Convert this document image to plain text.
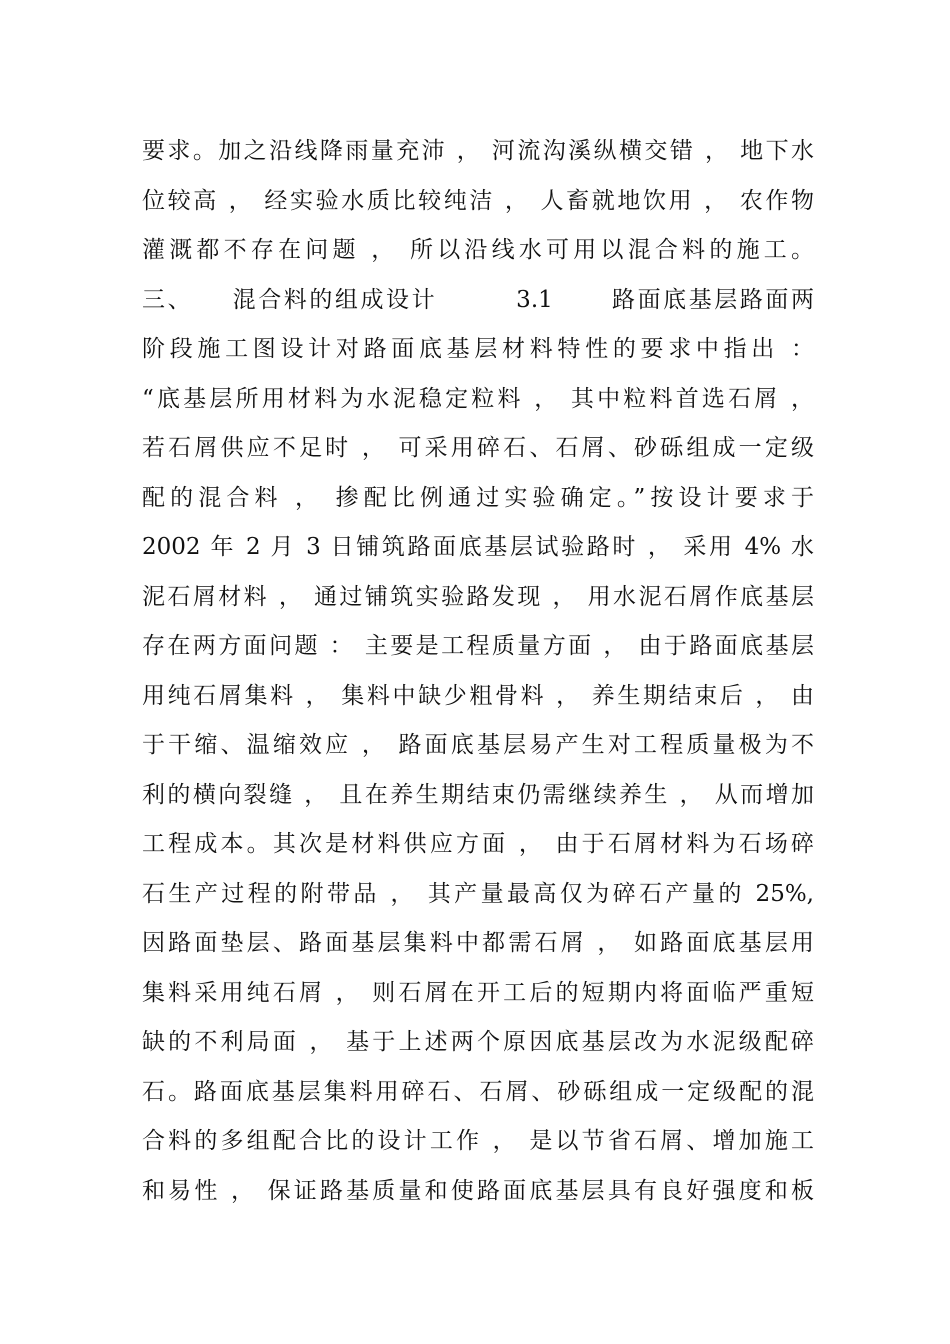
要求。加之沿线降雨量充沛 ， 河流沟溪纵横交错 ， 地下水
位较高 ， 经实验水质比较纯洁 ， 人畜就地饮用 ， 农作物
灌溉都不存在问题 ， 所以沿线水可用以混合料的施工。
三、    混合料的组成设计        3.1      路面底基层路面两
阶段施工图设计对路面底基层材料特性的要求中指出 ：
“底基层所用材料为水泥稳定粒料 ， 其中粒料首选石屑 ，
若石屑供应不足时 ， 可采用碎石、石屑、砂砾组成一定级
配的混合料 ， 掺配比例通过实验确定。”按设计要求于
2002 年 2 月 3 日铺筑路面底基层试验路时 ， 采用 4% 水
泥石屑材料 ， 通过铺筑实验路发现 ， 用水泥石屑作底基层
存在两方面问题 ： 主要是工程质量方面 ， 由于路面底基层
用纯石屑集料 ， 集料中缺少粗骨料 ， 养生期结束后 ， 由
于干缩、温缩效应 ， 路面底基层易产生对工程质量极为不
利的横向裂缝 ， 且在养生期结束仍需继续养生 ， 从而增加
工程成本。其次是材料供应方面 ， 由于石屑材料为石场碎
石生产过程的附带品 ， 其产量最高仅为碎石产量的 25%,
因路面垫层、路面基层集料中都需石屑 ， 如路面底基层用
集料采用纯石屑 ， 则石屑在开工后的短期内将面临严重短
缺的不利局面 ， 基于上述两个原因底基层改为水泥级配碎
石。路面底基层集料用碎石、石屑、砂砾组成一定级配的混
合料的多组配合比的设计工作 ， 是以节省石屑、增加施工
和易性 ， 保证路基质量和使路面底基层具有良好强度和板
